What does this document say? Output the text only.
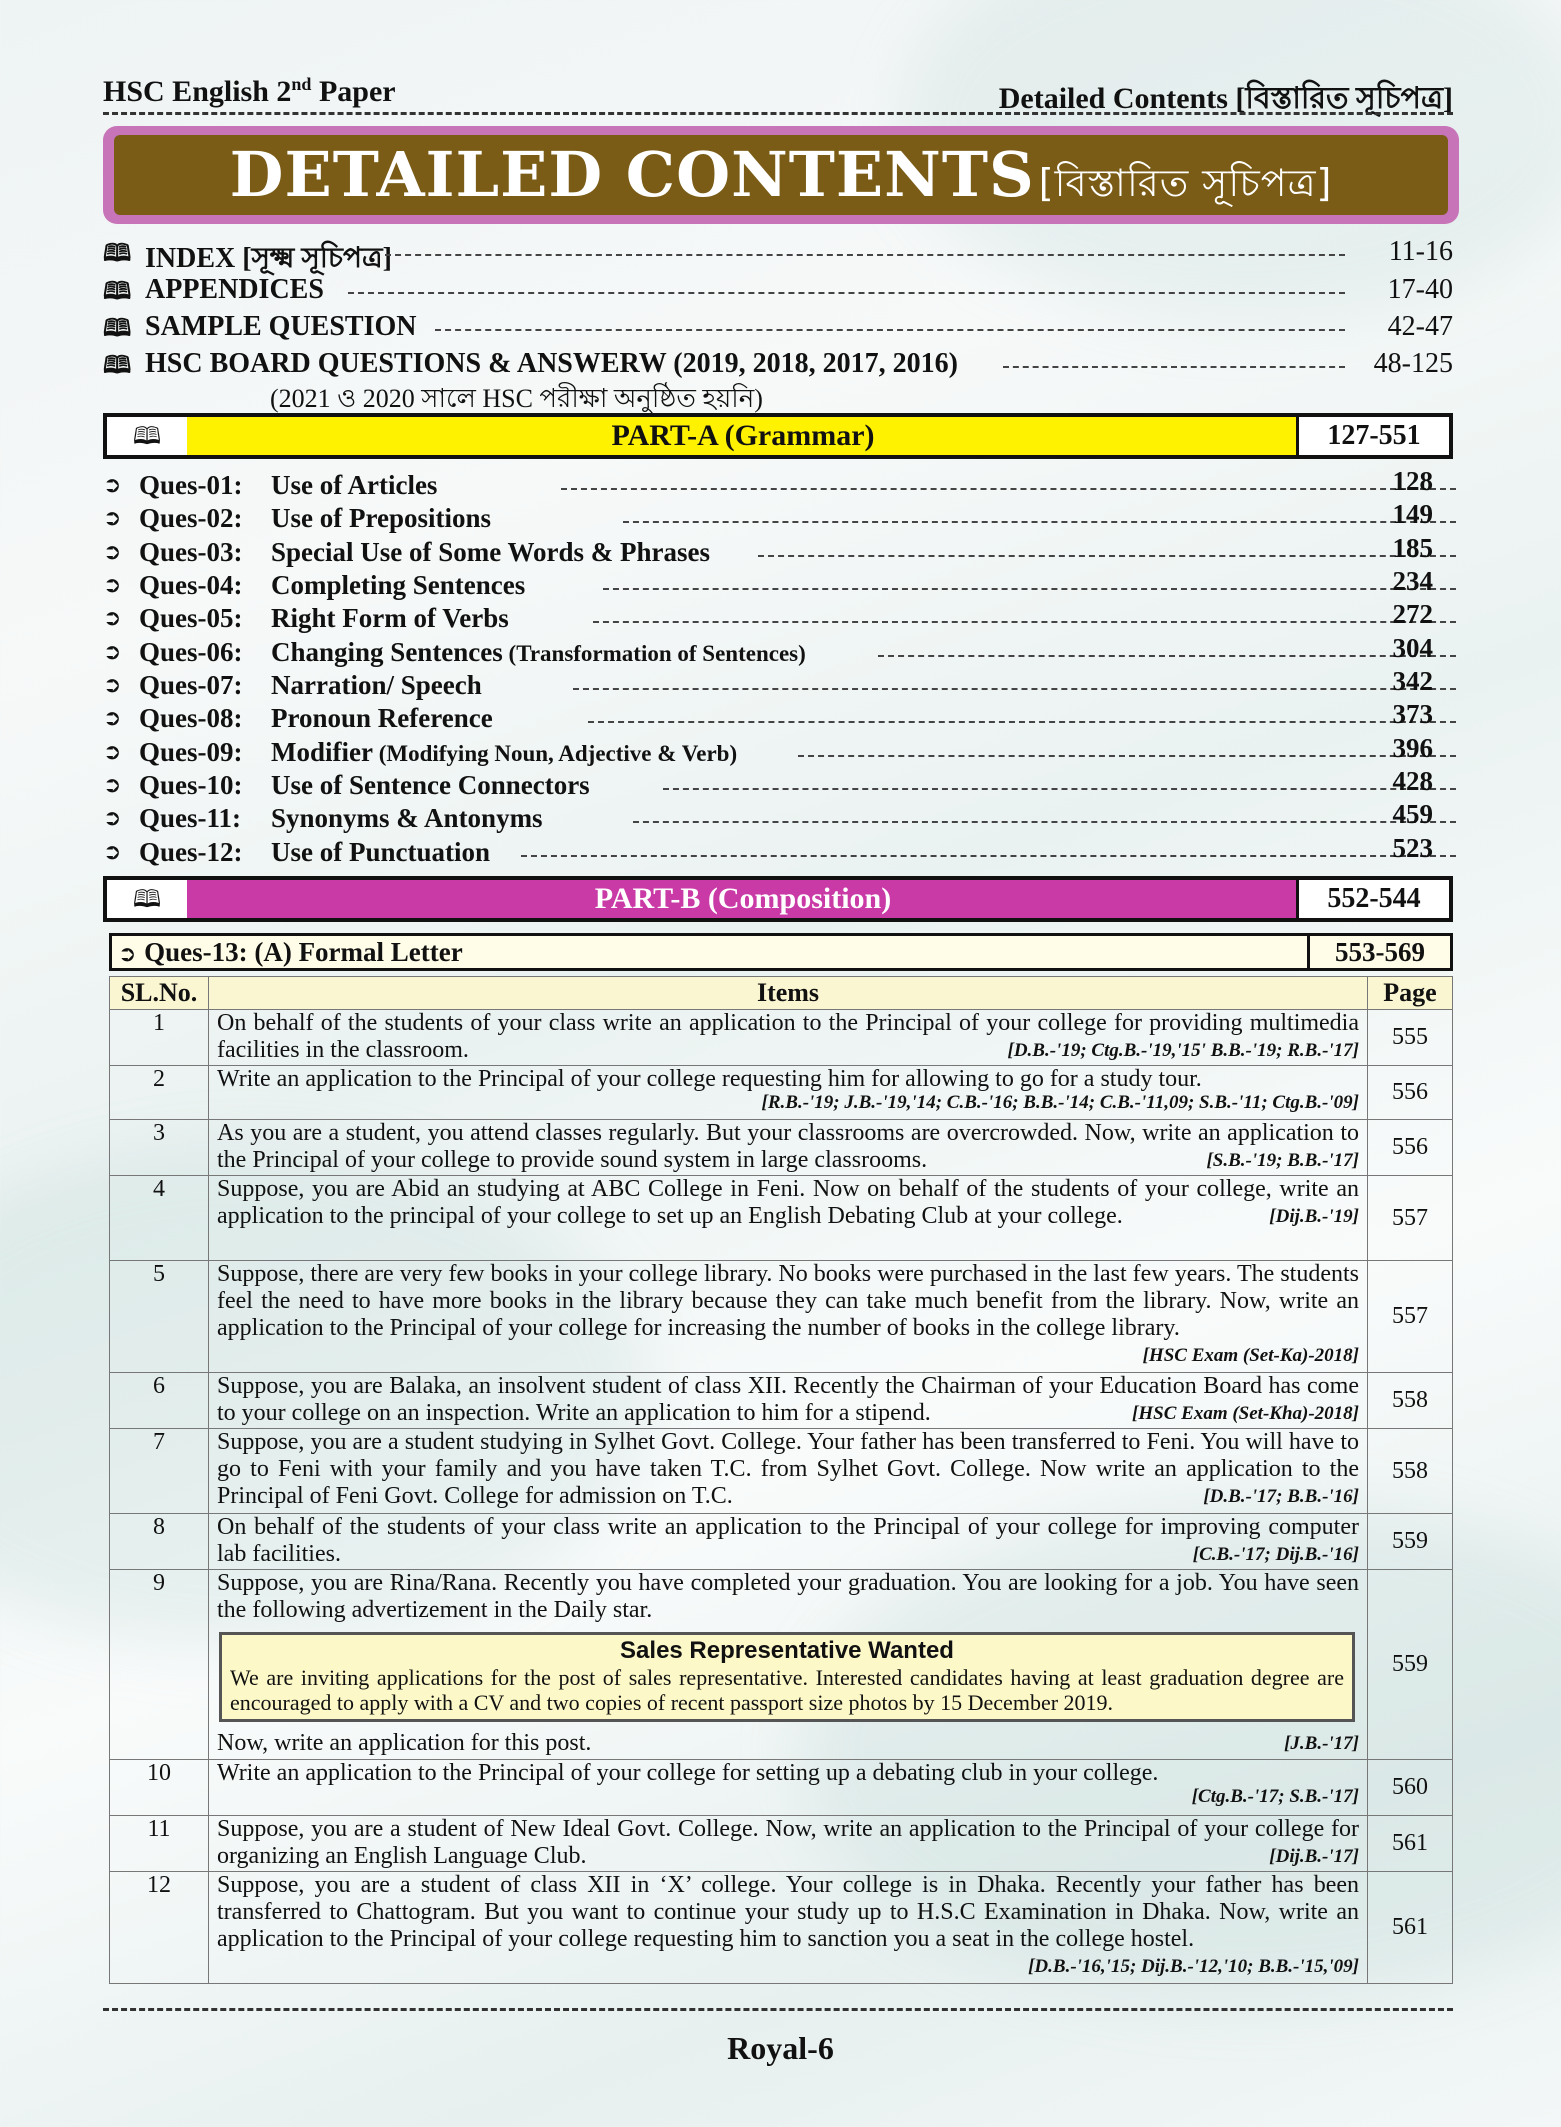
HSC English 2nd Paper	Detailed Contents [বিস্তারিত সূচিপত্র]
DETAILED CONTENTS [বিস্তারিত সূচিপত্র]
🕮 INDEX [সূক্ষ্ম সূচিপত্র]	11-16
🕮 APPENDICES	17-40
🕮 SAMPLE QUESTION	42-47
🕮 HSC BOARD QUESTIONS & ANSWERW (2019, 2018, 2017, 2016)	48-125
(2021 ও 2020 সালে HSC পরীক্ষা অনুষ্ঠিত হয়নি)
🕮	PART-A (Grammar)	127-551
➲ Ques-01: Use of Articles	128
➲ Ques-02: Use of Prepositions	149
➲ Ques-03: Special Use of Some Words & Phrases	185
➲ Ques-04: Completing Sentences	234
➲ Ques-05: Right Form of Verbs	272
➲ Ques-06: Changing Sentences (Transformation of Sentences)	304
➲ Ques-07: Narration/ Speech	342
➲ Ques-08: Pronoun Reference	373
➲ Ques-09: Modifier (Modifying Noun, Adjective & Verb)	396
➲ Ques-10: Use of Sentence Connectors	428
➲ Ques-11: Synonyms & Antonyms	459
➲ Ques-12: Use of Punctuation	523
🕮	PART-B (Composition)	552-544
➲ Ques-13: (A) Formal Letter	553-569
SL.No.	Items	Page
1	On behalf of the students of your class write an application to the Principal of your college for providing multimedia facilities in the classroom. [D.B.-'19; Ctg.B.-'19,'15' B.B.-'19; R.B.-'17]	555
2	Write an application to the Principal of your college requesting him for allowing to go for a study tour.
[R.B.-'19; J.B.-'19,'14; C.B.-'16; B.B.-'14; C.B.-'11,09; S.B.-'11; Ctg.B.-'09]	556
3	As you are a student, you attend classes regularly. But your classrooms are overcrowded. Now, write an application to the Principal of your college to provide sound system in large classrooms. [S.B.-'19; B.B.-'17]	556
4	Suppose, you are Abid an studying at ABC College in Feni. Now on behalf of the students of your college, write an application to the principal of your college to set up an English Debating Club at your college. [Dij.B.-'19]	557
5	Suppose, there are very few books in your college library. No books were purchased in the last few years. The students feel the need to have more books in the library because they can take much benefit from the library. Now, write an application to the Principal of your college for increasing the number of books in the college library.
[HSC Exam (Set-Ka)-2018]	557
6	Suppose, you are Balaka, an insolvent student of class XII. Recently the Chairman of your Education Board has come to your college on an inspection. Write an application to him for a stipend. [HSC Exam (Set-Kha)-2018]	558
7	Suppose, you are a student studying in Sylhet Govt. College. Your father has been transferred to Feni. You will have to go to Feni with your family and you have taken T.C. from Sylhet Govt. College. Now write an application to the Principal of Feni Govt. College for admission on T.C. [D.B.-'17; B.B.-'16]	558
8	On behalf of the students of your class write an application to the Principal of your college for improving computer lab facilities. [C.B.-'17; Dij.B.-'16]	559
9	Suppose, you are Rina/Rana. Recently you have completed your graduation. You are looking for a job. You have seen the following advertizement in the Daily star.
Sales Representative Wanted
We are inviting applications for the post of sales representative. Interested candidates having at least graduation degree are encouraged to apply with a CV and two copies of recent passport size photos by 15 December 2019.
Now, write an application for this post. [J.B.-'17]	559
10	Write an application to the Principal of your college for setting up a debating club in your college.
[Ctg.B.-'17; S.B.-'17]	560
11	Suppose, you are a student of New Ideal Govt. College. Now, write an application to the Principal of your college for organizing an English Language Club. [Dij.B.-'17]	561
12	Suppose, you are a student of class XII in ‘X’ college. Your college is in Dhaka. Recently your father has been transferred to Chattogram. But you want to continue your study up to H.S.C Examination in Dhaka. Now, write an application to the Principal of your college requesting him to sanction you a seat in the college hostel.
[D.B.-'16,'15; Dij.B.-'12,'10; B.B.-'15,'09]	561
Royal-6
